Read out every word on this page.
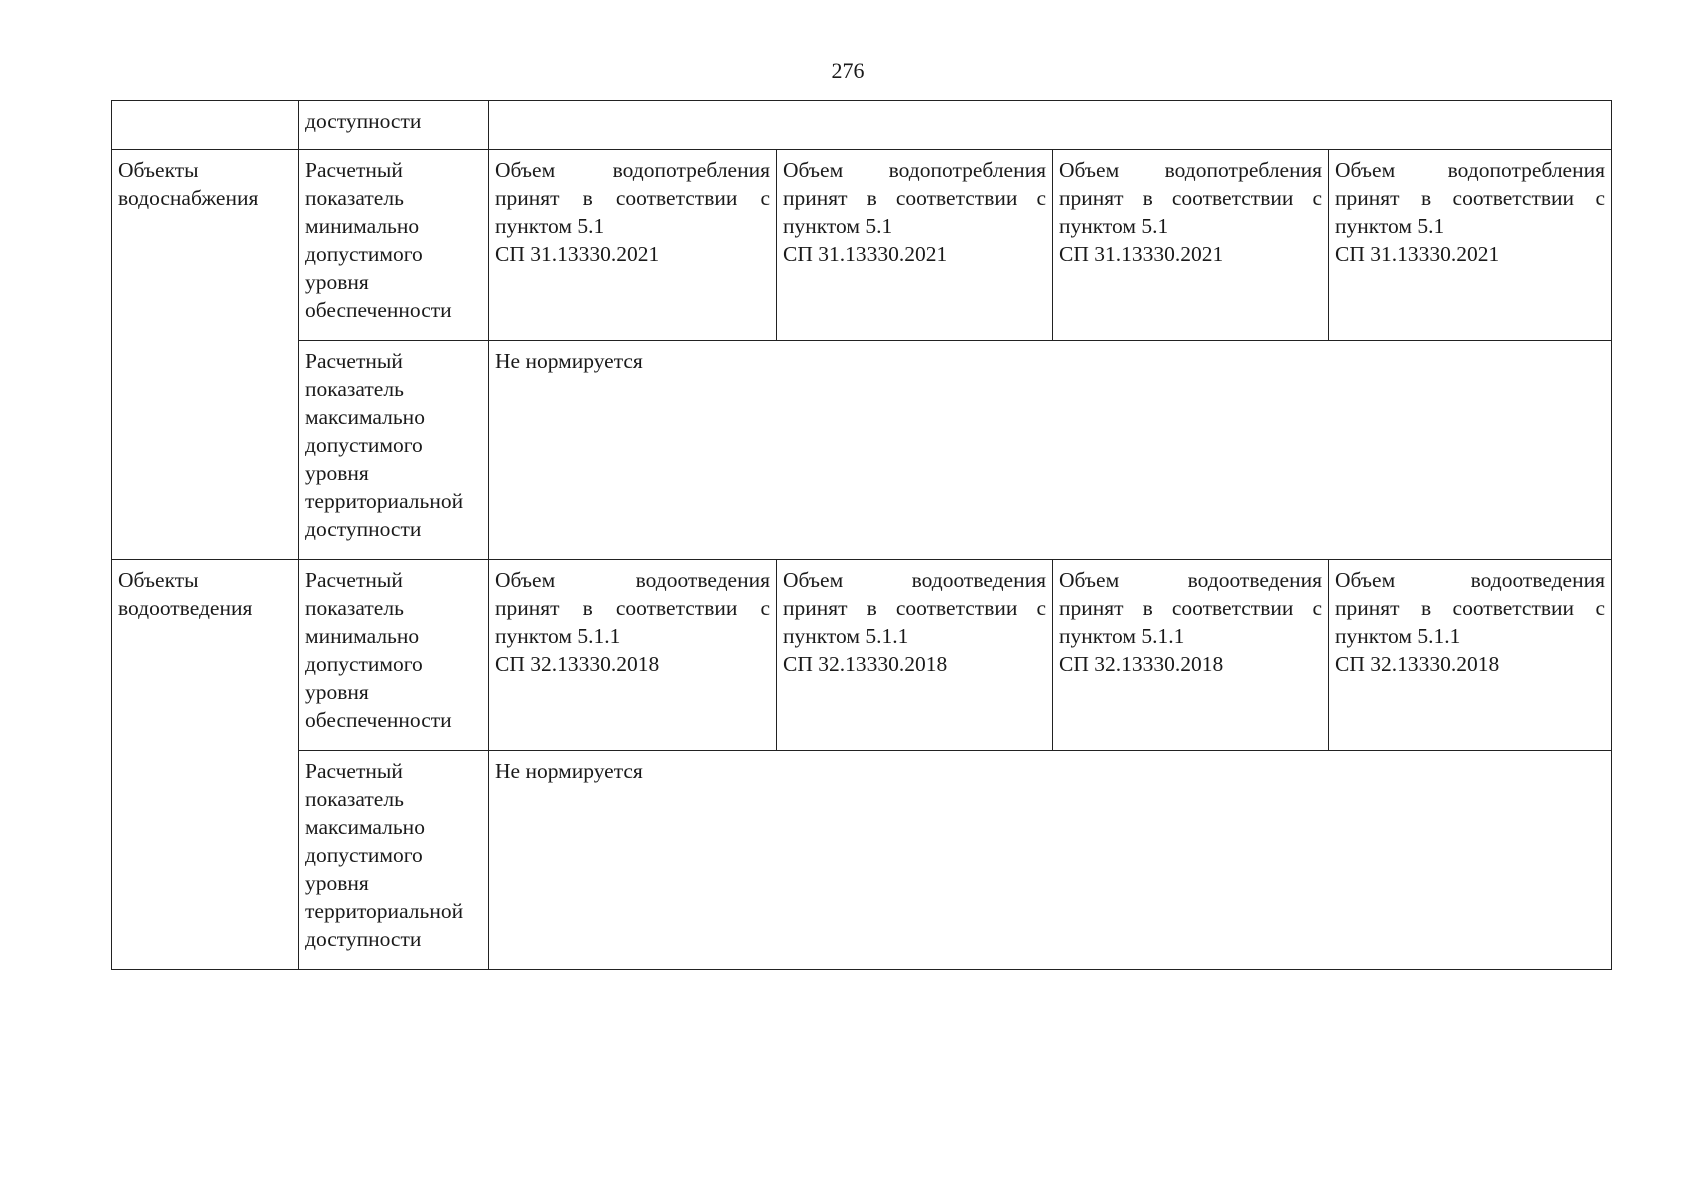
276
	доступности				
Объекты водоснабжения	Расчетный показатель минимально допустимого уровня обеспеченности	Объем водопотребления
принят в соответствии с пунктом 5.1
СП 31.13330.2021	Объем водопотребления
принят в соответствии с пунктом 5.1
СП 31.13330.2021	Объем водопотребления
принят в соответствии с пунктом 5.1
СП 31.13330.2021	Объем водопотребления
принят в соответствии с пунктом 5.1
СП 31.13330.2021

	Расчетный показатель максимально допустимого уровня территориальной доступности	Не нормируется			
Объекты водоотведения	Расчетный показатель минимально допустимого уровня обеспеченности	Объем водоотведения
принят в соответствии с пунктом 5.1.1
СП 32.13330.2018	Объем водоотведения
принят в соответствии с пунктом 5.1.1
СП 32.13330.2018	Объем водоотведения
принят в соответствии с пунктом 5.1.1
СП 32.13330.2018	Объем водоотведения
принят в соответствии с пунктом 5.1.1
СП 32.13330.2018

	Расчетный показатель максимально допустимого уровня территориальной доступности	Не нормируется			
